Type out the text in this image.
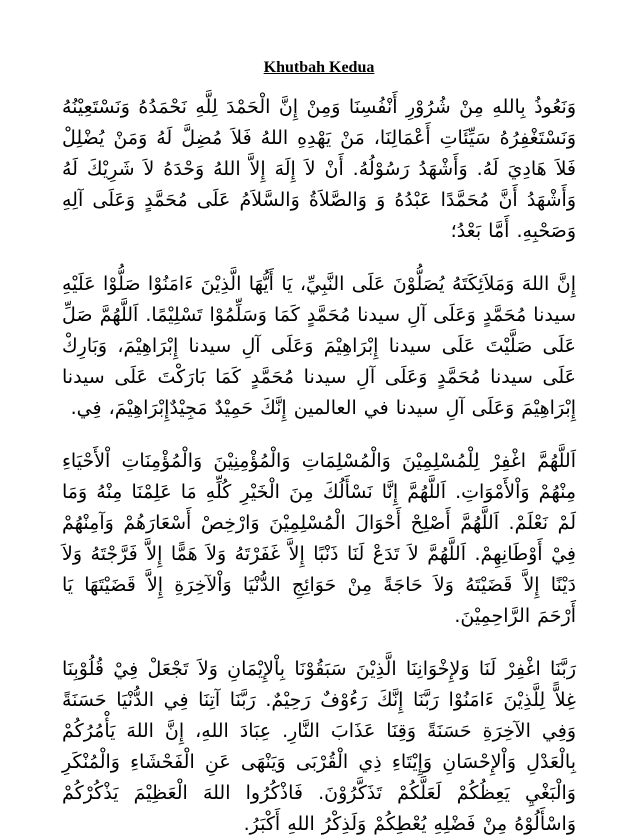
Khutbah Kedua
وَنَعُوذُ بِاللهِ مِنْ شُرُوْرِ أَنْفُسِنَا وَمِنْ إِنَّ الْحَمْدَ لِلَّهِ نَحْمَدُهُ وَنَسْتَعِيْنُهُ وَنَسْتَغْفِرُهُ سَيِّئَاتِ أَعْمَالِنَا، مَنْ يَهْدِهِ اللهُ فَلاَ مُضِلَّ لَهُ وَمَنْ يُضْلِلْ فَلاَ هَادِيَ لَهُ. وَأَشْهَدُ رَسُوْلُهُ. أَنْ لاَ إِلَهَ إِلاَّ اللهُ وَحْدَهُ لاَ شَرِيْكَ لَهُ وَأَشْهَدُ أَنَّ مُحَمَّدًا عَبْدُهُ وَ وَالصَّلاَةُ وَالسَّلاَمُ عَلَى مُحَمَّدٍ وَعَلَى آلِهِ وَصَحْبِهِ. أَمَّا بَعْدُ؛
إِنَّ اللهَ وَمَلاَئِكَتَهُ يُصَلُّوْنَ عَلَى النَّبِيِّ، يَا أَيُّهَا الَّذِيْنَ ءَامَنُوْا صَلُّوْا عَلَيْهِ سيدنا مُحَمَّدٍ وَعَلَى آلِ سيدنا مُحَمَّدٍ كَمَا وَسَلِّمُوْا تَسْلِيْمًا. اَللَّهُمَّ صَلِّ عَلَى صَلَّيْتَ عَلَى سيدنا إِبْرَاهِيْمَ وَعَلَى آلِ سيدنا إِبْرَاهِيْمَ، وَبَارِكْ عَلَى سيدنا مُحَمَّدٍ وَعَلَى آلِ سيدنا مُحَمَّدٍ كَمَا بَارَكْتَ عَلَى سيدنا إِبْرَاهِيْمَ وَعَلَى آلِ سيدنا في العالمين إِنَّكَ حَمِيْدٌ مَجِيْدٌإِبْرَاهِيْمَ، فِي.
اَللَّهُمَّ اغْفِرْ لِلْمُسْلِمِيْنَ وَالْمُسْلِمَاتِ وَالْمُؤْمِنِيْنَ وَالْمُؤْمِنَاتِ اْلأَحْيَاءِ مِنْهُمْ وَاْلأَمْوَاتِ. اَللَّهُمَّ إِنَّا نَسْأَلُكَ مِنَ الْخَيْرِ كُلِّهِ مَا عَلِمْنَا مِنْهُ وَمَا لَمْ نَعْلَمْ. اَللَّهُمَّ أَصْلِحْ أَحْوَالَ الْمُسْلِمِيْنَ وَارْخِصْ أَسْعَارَهُمْ وَآمِنْهُمْ فِيْ أَوْطَانِهِمْ. اَللَّهُمَّ لاَ تَدَعْ لَنَا ذَنْبًا إِلاَّ غَفَرْتَهُ وَلاَ هَمًّا إِلاَّ فَرَّجْتَهُ وَلاَ دَيْنًا إِلاَّ قَضَيْتَهُ وَلاَ حَاجَةً مِنْ حَوَائِجِ الدُّنْيَا وَاْلآخِرَةِ إِلاَّ قَضَيْتَهَا يَا أَرْحَمَ الرَّاحِمِيْنَ.
رَبَّنَا اغْفِرْ لَنَا وَلإِخْوَانِنَا الَّذِيْنَ سَبَقُوْنَا بِاْلإِيْمَانِ وَلاَ تَجْعَلْ فِيْ قُلُوْبِنَا غِلاًّ لِلَّذِيْنَ ءَامَنُوْا رَبَّنَا إِنَّكَ رَءُوْفٌ رَحِيْمٌ. رَبَّنَا آتِنَا فِي الدُّنْيَا حَسَنَةً وَفِي الآخِرَةِ حَسَنَةً وَقِنَا عَذَابَ النَّارِ. عِبَادَ اللهِ، إِنَّ اللهَ يَأْمُرُكُمْ بِالْعَدْلِ وَاْلإِحْسَانِ وَإِيْتَاءِ ذِي الْقُرْبَى وَيَنْهَى عَنِ الْفَحْشَاءِ وَالْمُنْكَرِ وَالْبَغْيِ يَعِظُكُمْ لَعَلَّكُمْ تَذَكَّرُوْنَ. فَاذْكُرُوا اللهَ الْعَظِيْمَ يَذْكُرْكُمْ وَاسْأَلُوْهُ مِنْ فَضْلِهِ يُعْطِكُمْ وَلَذِكْرُ اللهِ أَكْبَرُ.
